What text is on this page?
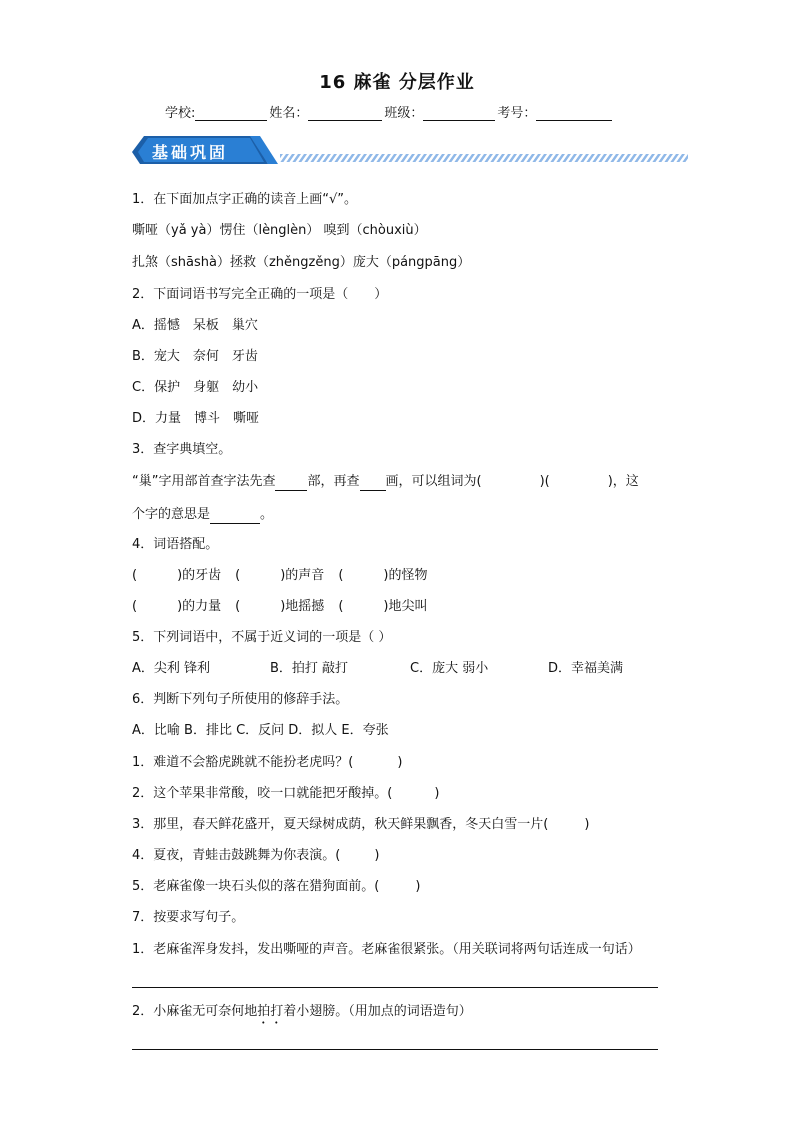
16 麻雀 分层作业
学校:	姓名：	班级：	考号：
基础巩固
1．在下面加点字正确的读音上画“√”。
嘶哑（yǎ yà）愣住（lènglèn） 嗅到（chòuxiù）
扎煞（shāshà）拯救（zhěngzěng）庞大（pángpāng）
2．下面词语书写完全正确的一项是（　　）
A．摇憾　呆板　巢穴
B．宠大　奈何　牙齿
C．保护　身躯　幼小
D．力量　博斗　嘶哑
3．查字典填空。
“巢”字用部首查字法先查 部，再查 画，可以组词为(	)(	)，这
个字的意思是	。
4．词语搭配。
(	)的牙齿 (	)的声音 (	)的怪物
(	)的力量 (	)地摇撼 (	)地尖叫
5．下列词语中，不属于近义词的一项是（ ）
A．尖利 锋利	B．拍打 敲打	C．庞大 弱小	D．幸福美满
6．判断下列句子所使用的修辞手法。
A．比喻 B．排比 C．反问 D．拟人 E．夸张
1．难道不会豁虎跳就不能扮老虎吗？(	)
2．这个苹果非常酸，咬一口就能把牙酸掉。(	)
3．那里，春天鲜花盛开，夏天绿树成荫，秋天鲜果飘香，冬天白雪一片(	)
4．夏夜，青蛙击鼓跳舞为你表演。(	)
5．老麻雀像一块石头似的落在猎狗面前。(	)
7．按要求写句子。
1．老麻雀浑身发抖，发出嘶哑的声音。老麻雀很紧张。（用关联词将两句话连成一句话）
2．小麻雀无可奈何地拍打着小翅膀。（用加点的词语造句）
